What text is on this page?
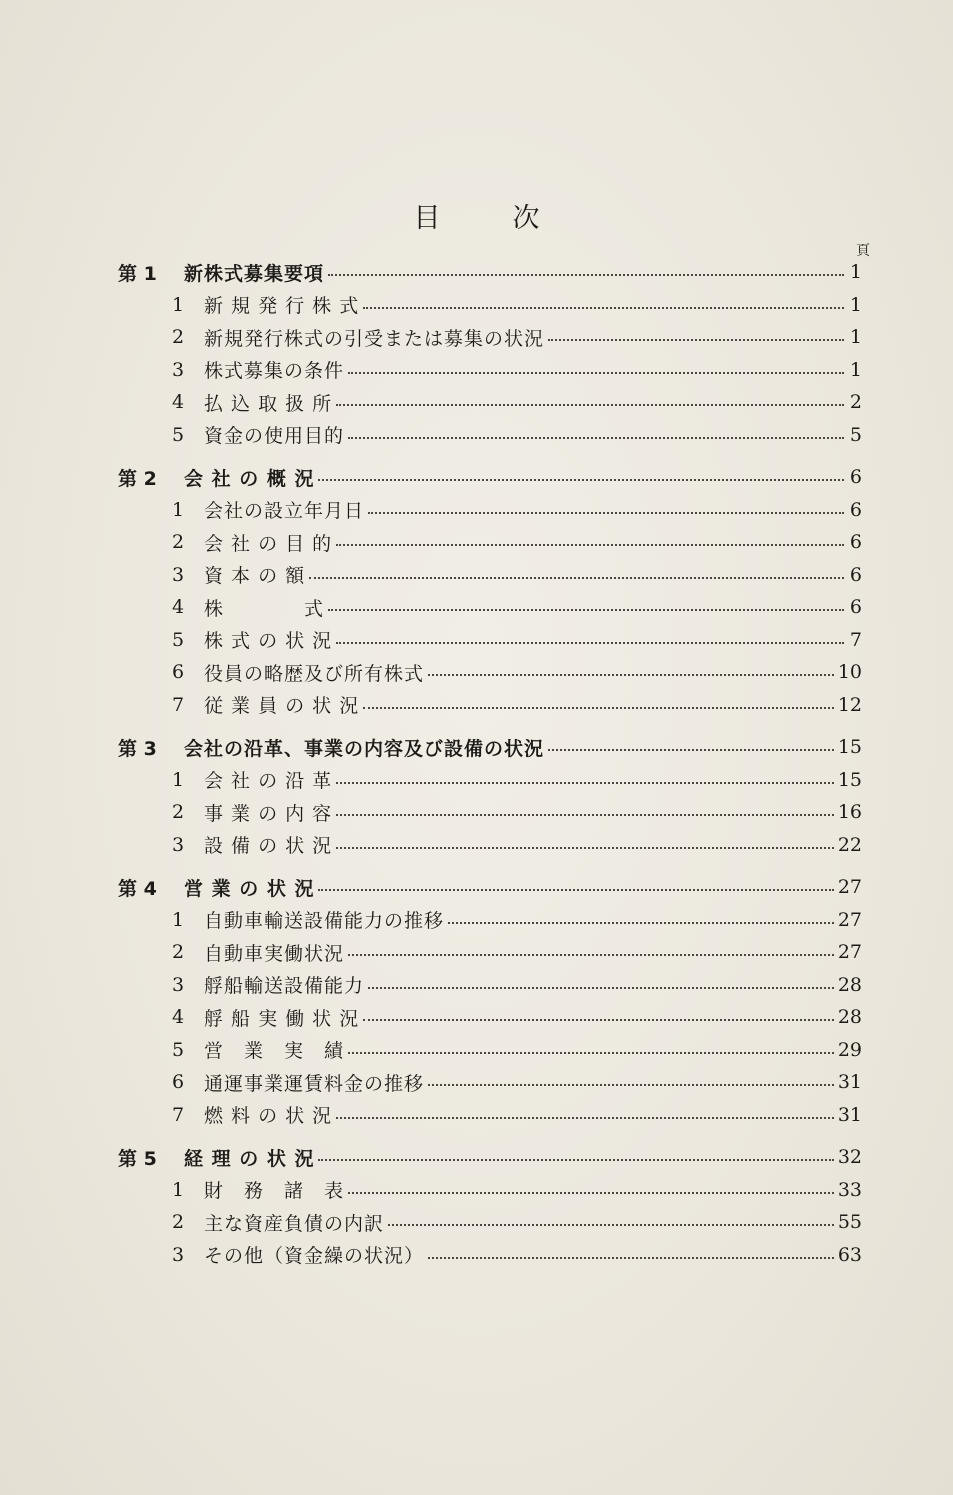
目	次
頁
第 1	新株式募集要項	1
1	新 規 発 行 株 式	1
2	新規発行株式の引受または募集の状況	1
3	株式募集の条件	1
4	払 込 取 扱 所	2
5	資金の使用目的	5
第 2	会 社 の 概 況	6
1	会社の設立年月日	6
2	会 社 の 目 的	6
3	資 本 の 額	6
4	株　　　　式	6
5	株 式 の 状 況	7
6	役員の略歴及び所有株式	10
7	従 業 員 の 状 況	12
第 3	会社の沿革、事業の内容及び設備の状況	15
1	会 社 の 沿 革	15
2	事 業 の 内 容	16
3	設 備 の 状 況	22
第 4	営 業 の 状 況	27
1	自動車輸送設備能力の推移	27
2	自動車実働状況	27
3	艀船輸送設備能力	28
4	艀 船 実 働 状 況	28
5	営　業　実　績	29
6	通運事業運賃料金の推移	31
7	燃 料 の 状 況	31
第 5	経 理 の 状 況	32
1	財　務　諸　表	33
2	主な資産負債の内訳	55
3	その他（資金繰の状況）	63
